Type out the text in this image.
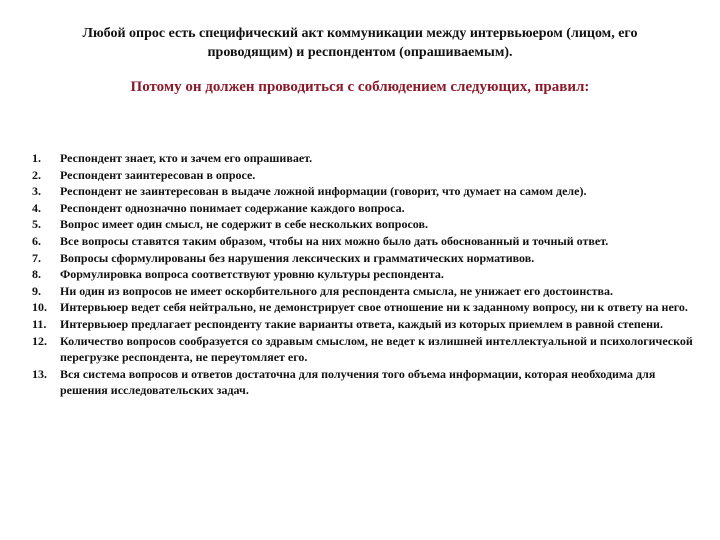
Любой опрос есть специфический акт коммуникации между интервьюером (лицом, его проводящим) и респондентом (опрашиваемым).
Потому он должен проводиться с соблюдением следующих, правил:
1.	Респондент знает, кто и зачем его опрашивает.
2.	Респондент заинтересован в опросе.
3.	Респондент не заинтересован в выдаче ложной информации (говорит, что думает на самом деле).
4.	Респондент однозначно понимает содержание каждого вопроса.
5.	Вопрос имеет один смысл, не содержит в себе нескольких вопросов.
6.	Все вопросы ставятся таким образом, чтобы на них можно было дать обоснованный и точный ответ.
7.	Вопросы сформулированы без нарушения лексических и грамматических нормативов.
8.	Формулировка вопроса соответствуют уровню культуры респондента.
9.	Ни один из вопросов не имеет оскорбительного для респондента смысла, не унижает его достоинства.
10.	Интервьюер ведет себя нейтрально, не демонстрирует свое отношение ни к заданному вопросу, ни к ответу на него.
11.	Интервьюер предлагает респонденту такие варианты ответа, каждый из которых приемлем в равной степени.
12.	Количество вопросов сообразуется со здравым смыслом, не ведет к излишней интеллектуальной и психологической перегрузке респондента, не переутомляет его.
13.	Вся система вопросов и ответов достаточна для получения того объема информации, которая необходима для решения исследовательских задач.
